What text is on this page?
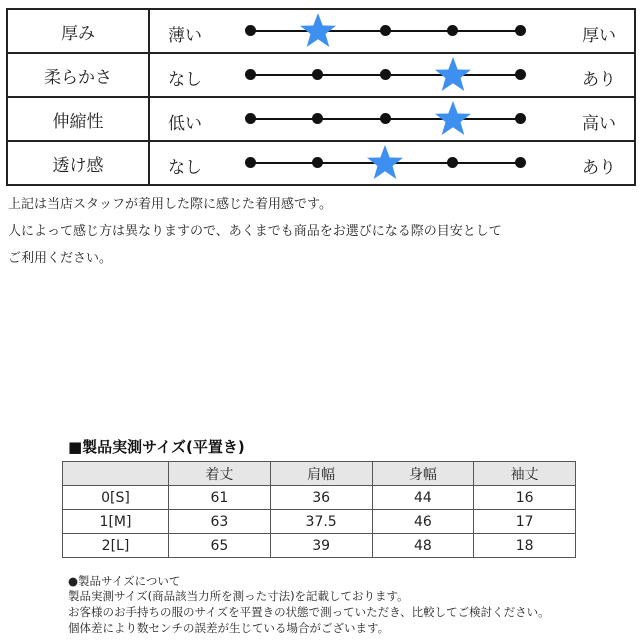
厚み	薄い 厚い

柔らかさ	なし あり

伸縮性	低い 高い

透け感	なし あり
上記は当店スタッフが着用した際に感じた着用感です。
人によって感じ方は異なりますので、あくまでも商品をお選びになる際の目安として
ご利用ください。
■製品実測サイズ(平置き)
	着丈	肩幅	身幅	袖丈
0[S]	61	36	44	16
1[M]	63	37.5	46	17
2[L]	65	39	48	18
●製品サイズについて
製品実測サイズ(商品該当力所を測った寸法)を記載しております。
お客様のお手持ちの服のサイズを平置きの状態で測っていただき、比較してご検討ください。
個体差により数センチの誤差が生じている場合がございます。
